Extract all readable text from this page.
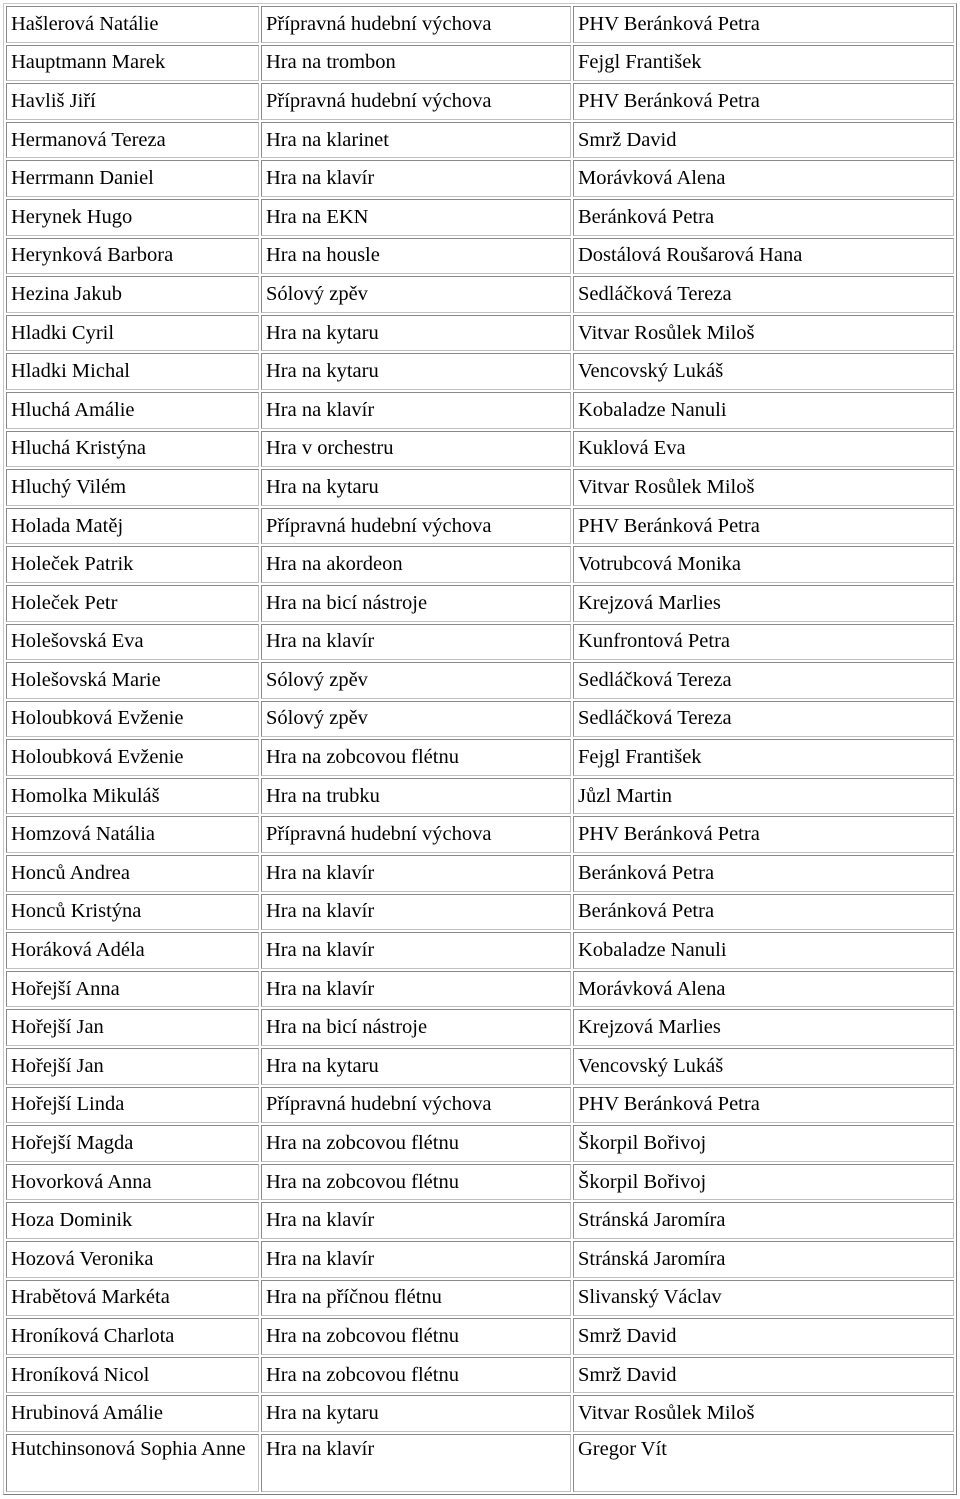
Hašlerová Natálie	Přípravná hudební výchova	PHV Beránková Petra
Hauptmann Marek	Hra na trombon	Fejgl František
Havliš Jiří	Přípravná hudební výchova	PHV Beránková Petra
Hermanová Tereza	Hra na klarinet	Smrž David
Herrmann Daniel	Hra na klavír	Morávková Alena
Herynek Hugo	Hra na EKN	Beránková Petra
Herynková Barbora	Hra na housle	Dostálová Roušarová Hana
Hezina Jakub	Sólový zpěv	Sedláčková Tereza
Hladki Cyril	Hra na kytaru	Vitvar Rosůlek Miloš
Hladki Michal	Hra na kytaru	Vencovský Lukáš
Hluchá Amálie	Hra na klavír	Kobaladze Nanuli
Hluchá Kristýna	Hra v orchestru	Kuklová Eva
Hluchý Vilém	Hra na kytaru	Vitvar Rosůlek Miloš
Holada Matěj	Přípravná hudební výchova	PHV Beránková Petra
Holeček Patrik	Hra na akordeon	Votrubcová Monika
Holeček Petr	Hra na bicí nástroje	Krejzová Marlies
Holešovská Eva	Hra na klavír	Kunfrontová Petra
Holešovská Marie	Sólový zpěv	Sedláčková Tereza
Holoubková Evženie	Sólový zpěv	Sedláčková Tereza
Holoubková Evženie	Hra na zobcovou flétnu	Fejgl František
Homolka Mikuláš	Hra na trubku	Jůzl Martin
Homzová Natália	Přípravná hudební výchova	PHV Beránková Petra
Honců Andrea	Hra na klavír	Beránková Petra
Honců Kristýna	Hra na klavír	Beránková Petra
Horáková Adéla	Hra na klavír	Kobaladze Nanuli
Hořejší Anna	Hra na klavír	Morávková Alena
Hořejší Jan	Hra na bicí nástroje	Krejzová Marlies
Hořejší Jan	Hra na kytaru	Vencovský Lukáš
Hořejší Linda	Přípravná hudební výchova	PHV Beránková Petra
Hořejší Magda	Hra na zobcovou flétnu	Škorpil Bořivoj
Hovorková Anna	Hra na zobcovou flétnu	Škorpil Bořivoj
Hoza Dominik	Hra na klavír	Stránská Jaromíra
Hozová Veronika	Hra na klavír	Stránská Jaromíra
Hrabětová Markéta	Hra na příčnou flétnu	Slivanský Václav
Hroníková Charlota	Hra na zobcovou flétnu	Smrž David
Hroníková Nicol	Hra na zobcovou flétnu	Smrž David
Hrubinová Amálie	Hra na kytaru	Vitvar Rosůlek Miloš
Hutchinsonová Sophia Anne	Hra na klavír	Gregor Vít
